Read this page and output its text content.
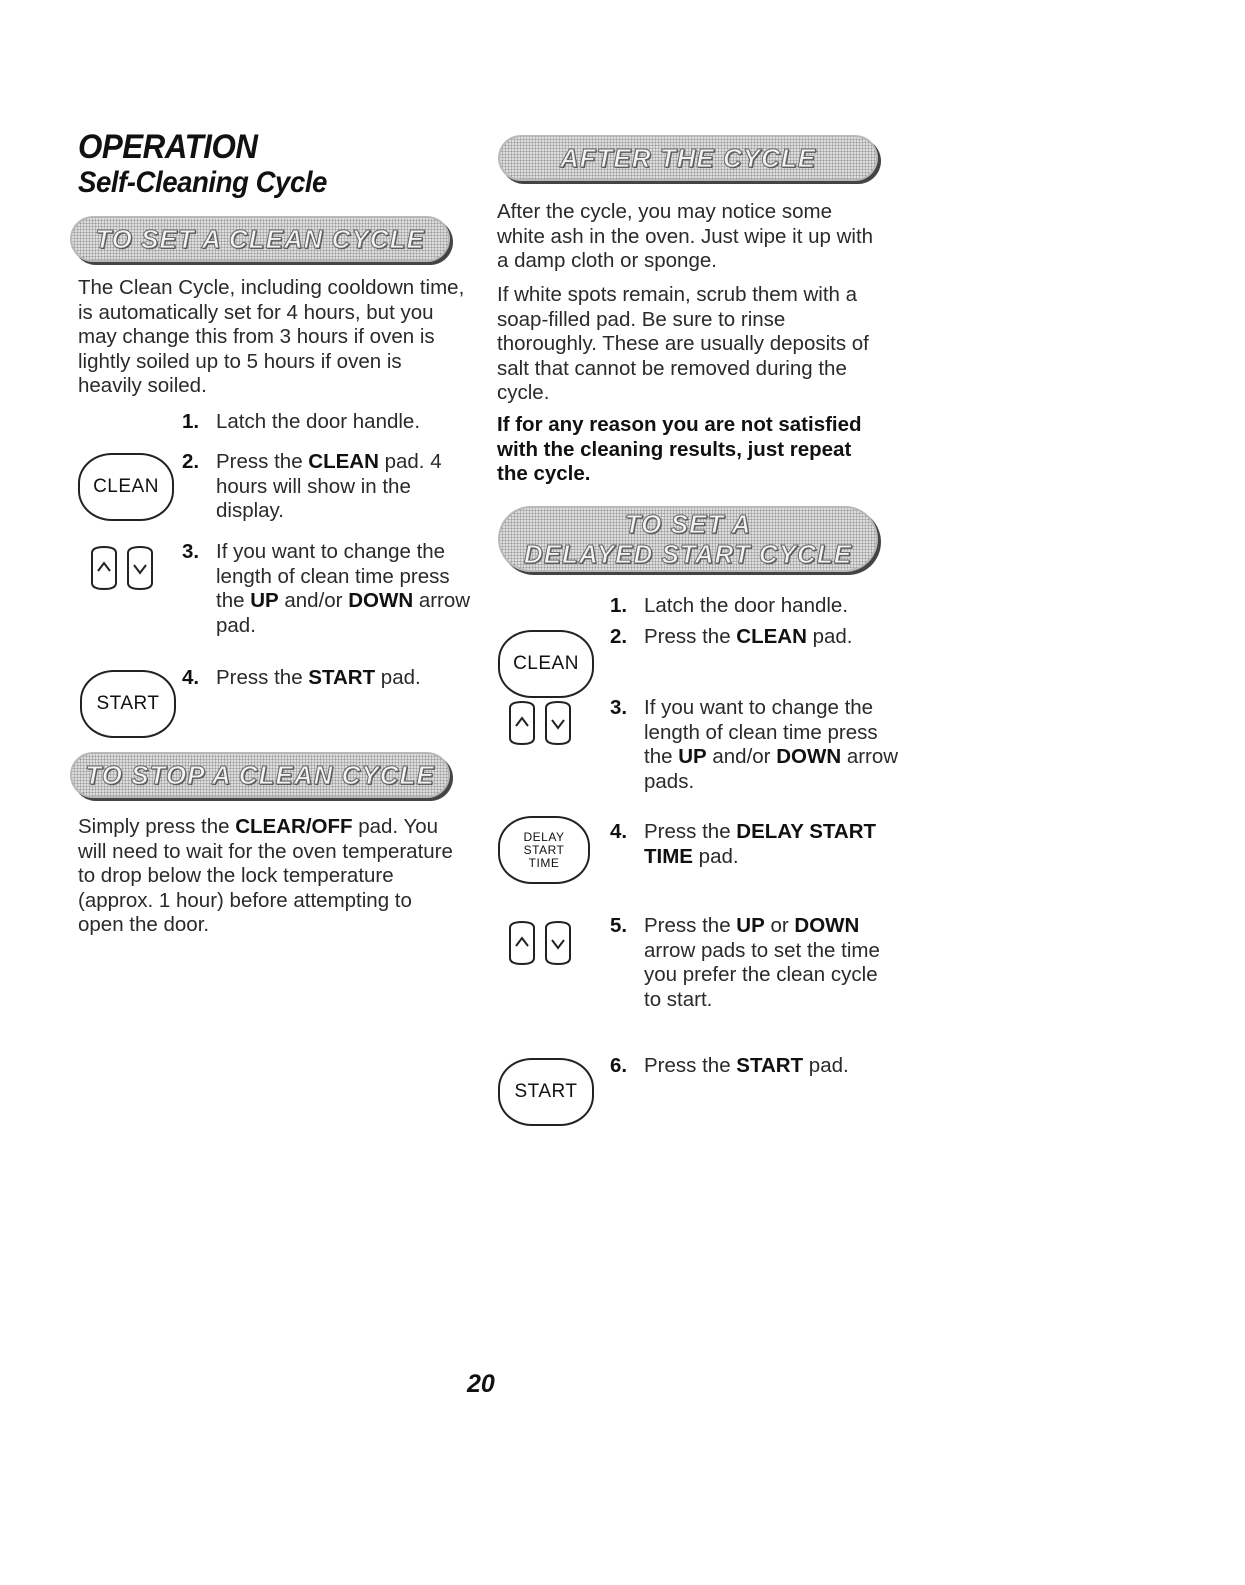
OPERATION
Self-Cleaning Cycle
TO SET A CLEAN CYCLE
The Clean Cycle, including cooldown time, is automatically set for 4 hours, but you may change this from 3 hours if oven is lightly soiled up to 5 hours if oven is heavily soiled.
1. Latch the door handle.
CLEAN
2. Press the CLEAN pad. 4 hours will show in the display.
3. If you want to change the length of clean time press the UP and/or DOWN arrow pad.
START
4. Press the START pad.
TO STOP A CLEAN CYCLE
Simply press the CLEAR/OFF pad. You will need to wait for the oven temperature to drop below the lock temperature (approx. 1 hour) before attempting to open the door.
AFTER THE CYCLE
After the cycle, you may notice some white ash in the oven. Just wipe it up with a damp cloth or sponge.
If white spots remain, scrub them with a soap-filled pad. Be sure to rinse thoroughly. These are usually deposits of salt that cannot be removed during the cycle.
If for any reason you are not satisfied with the cleaning results, just repeat the cycle.
TO SET A
DELAYED START CYCLE
1. Latch the door handle.
CLEAN
2. Press the CLEAN pad.
3. If you want to change the length of clean time press the UP and/or DOWN arrow pads.
DELAY
START
TIME
4. Press the DELAY START TIME pad.
5. Press the UP or DOWN arrow pads to set the time you prefer the clean cycle to start.
START
6. Press the START pad.
20
